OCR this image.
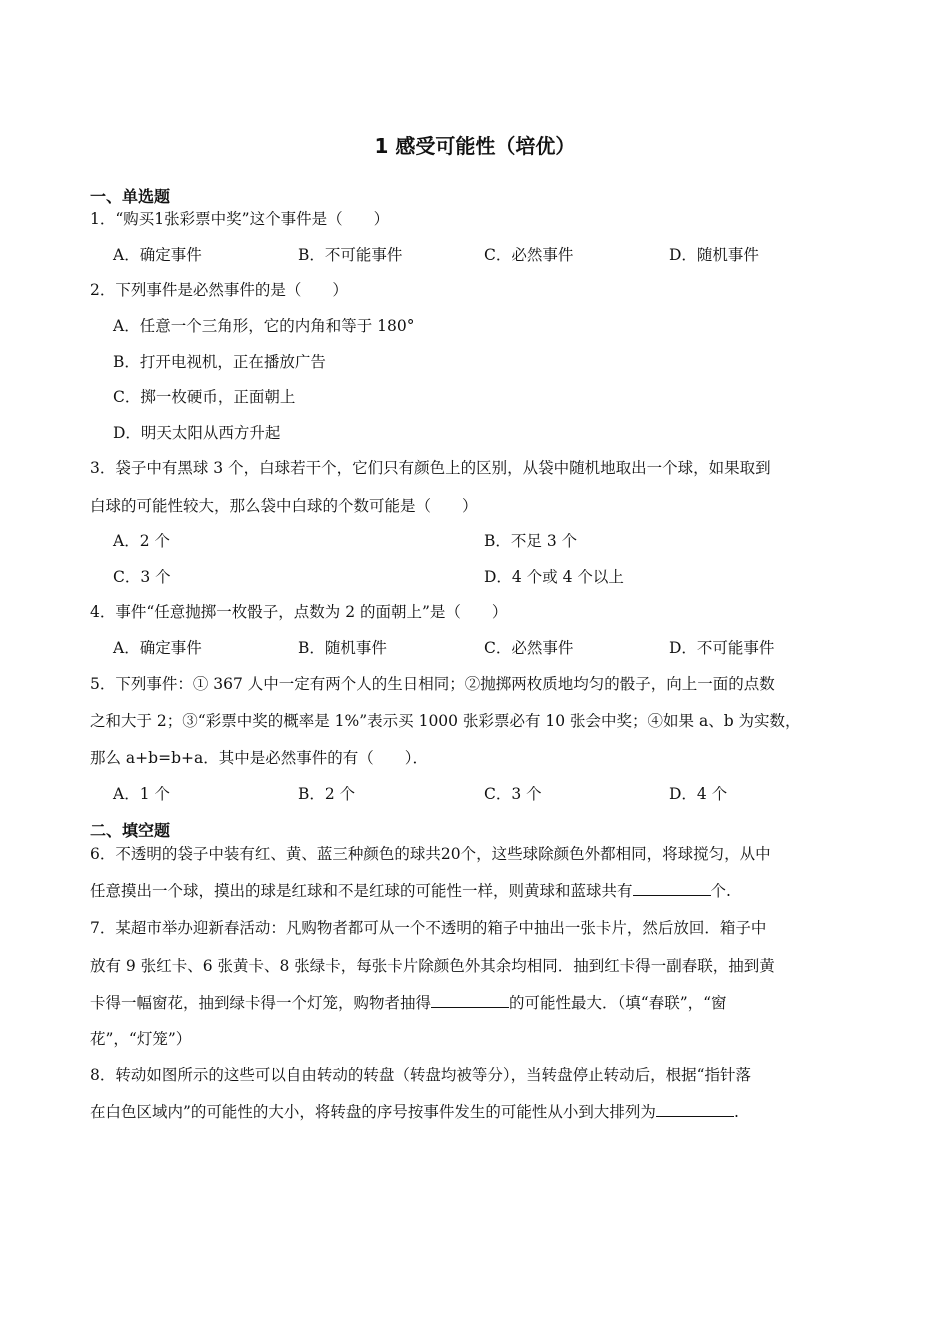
1 感受可能性（培优）
一、单选题
1．“购买1张彩票中奖”这个事件是（　　）
A．确定事件	B．不可能事件	C．必然事件	D．随机事件
2．下列事件是必然事件的是（　　）
A．任意一个三角形，它的内角和等于 180°
B．打开电视机，正在播放广告
C．掷一枚硬币，正面朝上
D．明天太阳从西方升起
3．袋子中有黑球 3 个，白球若干个，它们只有颜色上的区别，从袋中随机地取出一个球，如果取到
白球的可能性较大，那么袋中白球的个数可能是（　　）
A．2 个	B．不足 3 个
C．3 个	D．4 个或 4 个以上
4．事件“任意抛掷一枚骰子，点数为 2 的面朝上”是（　　）
A．确定事件	B．随机事件	C．必然事件	D．不可能事件
5．下列事件：① 367 人中一定有两个人的生日相同；②抛掷两枚质地均匀的骰子，向上一面的点数
之和大于 2；③“彩票中奖的概率是 1%”表示买 1000 张彩票必有 10 张会中奖；④如果 a、b 为实数，
那么 a+b=b+a．其中是必然事件的有（　　）．
A．1 个	B．2 个	C．3 个	D．4 个
二、填空题
6．不透明的袋子中装有红、黄、蓝三种颜色的球共20个，这些球除颜色外都相同，将球搅匀，从中
任意摸出一个球，摸出的球是红球和不是红球的可能性一样，则黄球和蓝球共有	个.
7．某超市举办迎新春活动：凡购物者都可从一个不透明的箱子中抽出一张卡片，然后放回．箱子中
放有 9 张红卡、6 张黄卡、8 张绿卡，每张卡片除颜色外其余均相同．抽到红卡得一副春联，抽到黄
卡得一幅窗花，抽到绿卡得一个灯笼，购物者抽得	的可能性最大．（填“春联”，“窗
花”，“灯笼”）
8．转动如图所示的这些可以自由转动的转盘（转盘均被等分），当转盘停止转动后，根据“指针落
在白色区域内”的可能性的大小，将转盘的序号按事件发生的可能性从小到大排列为	.
